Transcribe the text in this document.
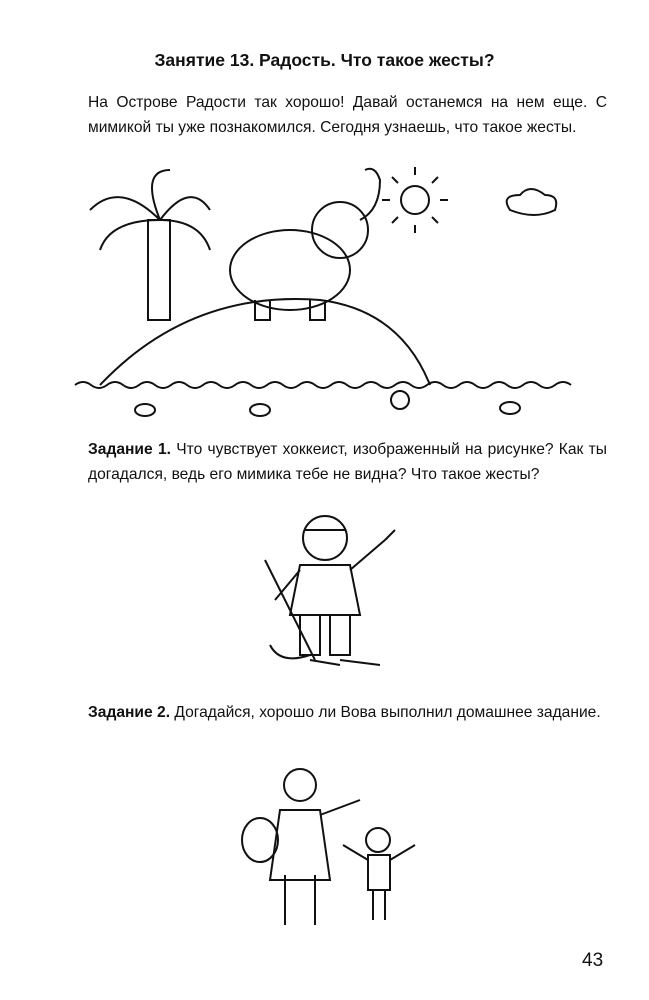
Занятие 13. Радость. Что такое жесты?
На Острове Радости так хорошо! Давай останемся на нем еще. С мимикой ты уже познакомился. Сегодня узнаешь, что такое жесты.
Задание 1. Что чувствует хоккеист, изображенный на рисунке? Как ты догадался, ведь его мимика тебе не видна? Что такое жесты?
Задание 2. Догадайся, хорошо ли Вова выполнил домашнее задание.
43
